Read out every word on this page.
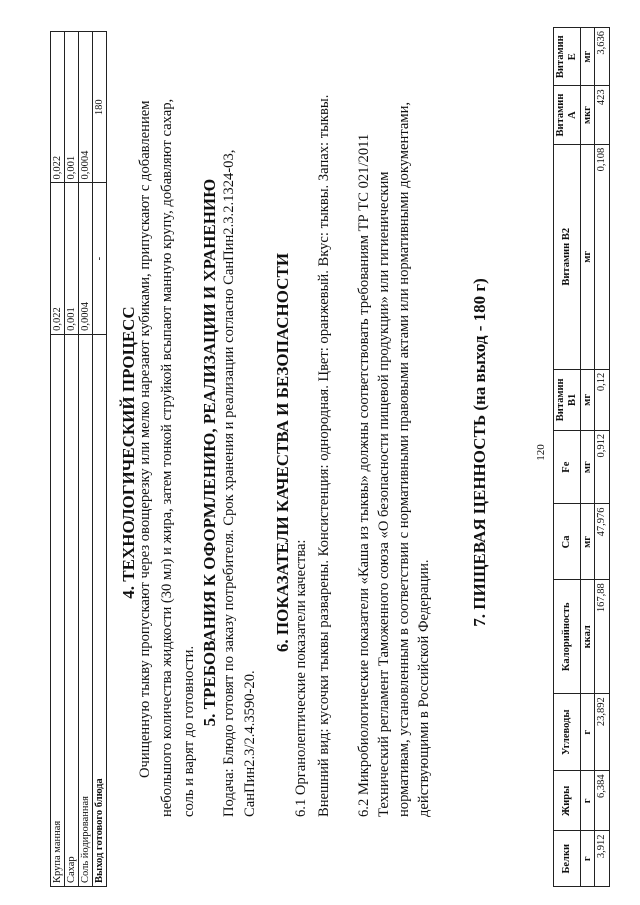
Крупа манная	0,022	0,022
Сахар	0,001	0,001
Соль йодированная	0,0004	0,0004
Выход готового блюда	-	180
4. ТЕХНОЛОГИЧЕСКИЙ ПРОЦЕСС Очищенную тыкву пропускают через овощерезку или мелко нарезают кубиками, припускают с добавлением небольшого количества жидкости (30 мл) и жира, затем тонкой струйкой всыпают манную крупу, добавляют сахар, соль и варят до готовности.
5. ТРЕБОВАНИЯ К ОФОРМЛЕНИЮ, РЕАЛИЗАЦИИ И ХРАНЕНИЮ Подача: Блюдо готовят по заказу потребителя. Срок хранения и реализации согласно СанПин2.3.2.1324-03, СанПин2.3/2.4.3590-20.
6. ПОКАЗАТЕЛИ КАЧЕСТВА И БЕЗОПАСНОСТИ
6.1 Органолептические показатели качества: Внешний вид: кусочки тыквы разварены. Консистенция: однородная. Цвет: оранжевый. Вкус: тыквы. Запах: тыквы. 6.2 Микробиологические показатели «Каша из тыквы» должны соответствовать требованиям ТР ТС 021/2011 Технический регламент Таможенного союза «О безопасности пищевой продукции» или гигиеническим нормативам, установленным в соответствии с нормативными правовыми актами или нормативными документами, действующими в Российской Федерации.
7. ПИЩЕВАЯ ЦЕННОСТЬ (на выход - 180 г)	120
Белки	Жиры	Углеводы	Калорийность	Ca	Fe	Витамин B1	Витамин B2	Витамин A	Витамин E
г	г	г	ккал	мг	мг	мг	мг	мкг	мг
3,912	6,384	23,892	167,88	47,976	0,912	0,12	0,108	423	3,636
